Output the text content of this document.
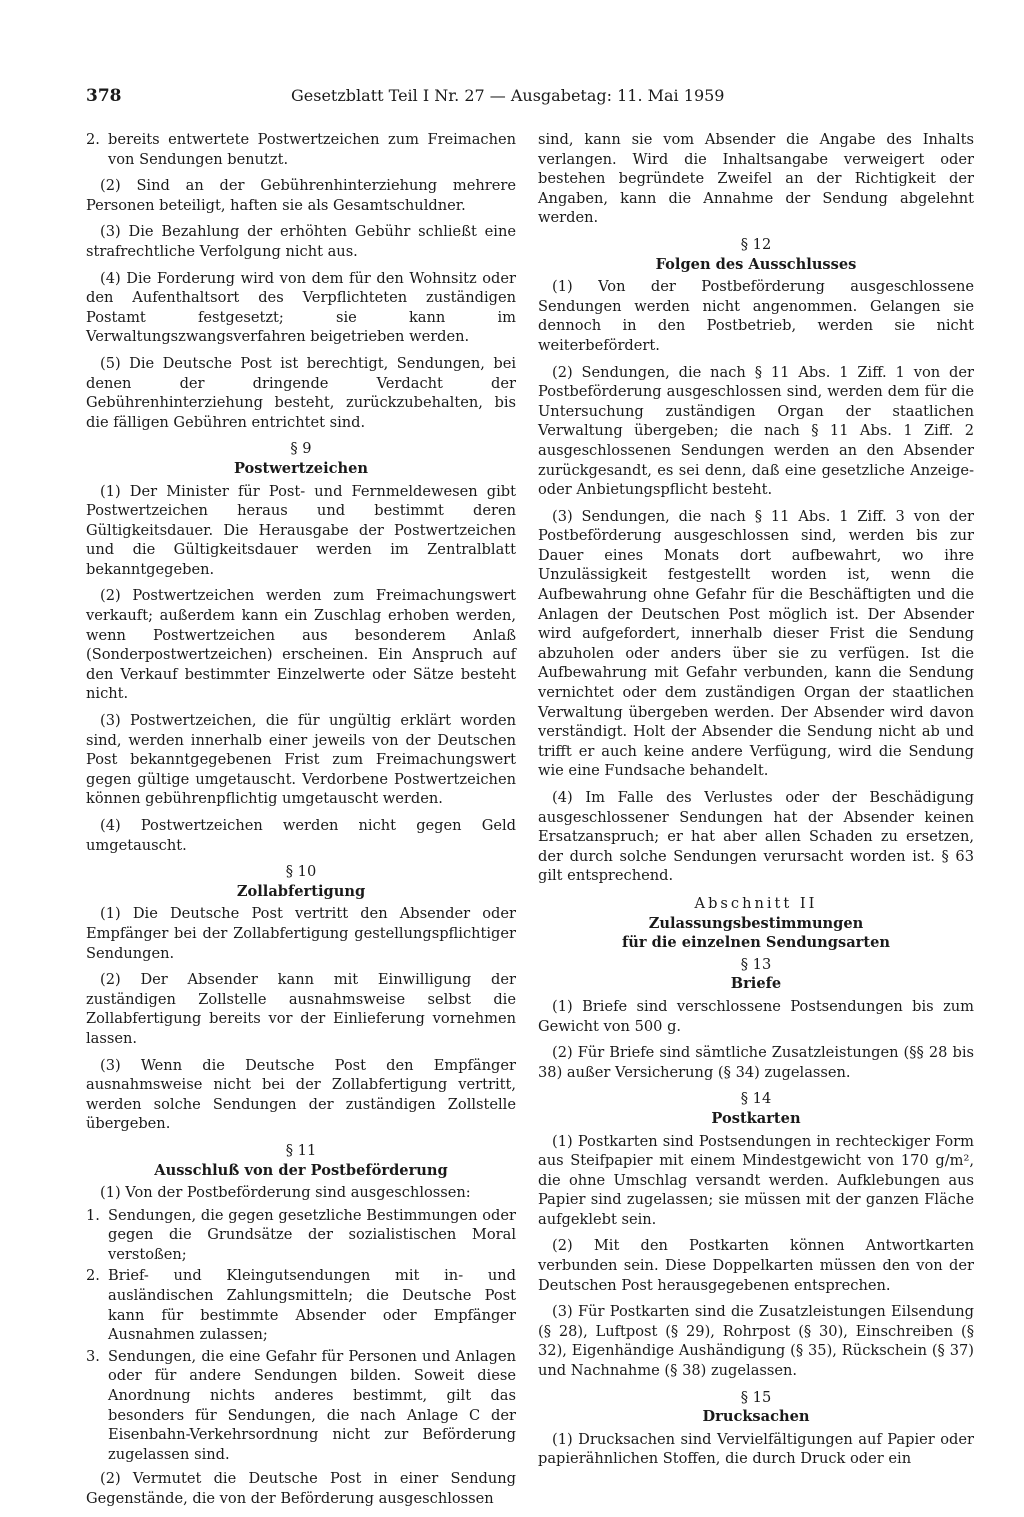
378	Gesetzblatt Teil I Nr. 27 — Ausgabetag: 11. Mai 1959
2. bereits entwertete Postwertzeichen zum Freimachen von Sendungen benutzt.

(2) Sind an der Gebührenhinterziehung mehrere Personen beteiligt, haften sie als Gesamtschuldner.

(3) Die Bezahlung der erhöhten Gebühr schließt eine strafrechtliche Verfolgung nicht aus.

(4) Die Forderung wird von dem für den Wohnsitz oder den Aufenthaltsort des Verpflichteten zuständigen Postamt festgesetzt; sie kann im Verwaltungszwangsverfahren beigetrieben werden.

(5) Die Deutsche Post ist berechtigt, Sendungen, bei denen der dringende Verdacht der Gebührenhinterziehung besteht, zurückzubehalten, bis die fälligen Gebühren entrichtet sind.

§ 9
Postwertzeichen

(1) Der Minister für Post- und Fernmeldewesen gibt Postwertzeichen heraus und bestimmt deren Gültigkeitsdauer. Die Herausgabe der Postwertzeichen und die Gültigkeitsdauer werden im Zentralblatt bekanntgegeben.

(2) Postwertzeichen werden zum Freimachungswert verkauft; außerdem kann ein Zuschlag erhoben werden, wenn Postwertzeichen aus besonderem Anlaß (Sonderpostwertzeichen) erscheinen. Ein Anspruch auf den Verkauf bestimmter Einzelwerte oder Sätze besteht nicht.

(3) Postwertzeichen, die für ungültig erklärt worden sind, werden innerhalb einer jeweils von der Deutschen Post bekanntgegebenen Frist zum Freimachungswert gegen gültige umgetauscht. Verdorbene Postwertzeichen können gebührenpflichtig umgetauscht werden.

(4) Postwertzeichen werden nicht gegen Geld umgetauscht.

§ 10
Zollabfertigung

(1) Die Deutsche Post vertritt den Absender oder Empfänger bei der Zollabfertigung gestellungspflichtiger Sendungen.

(2) Der Absender kann mit Einwilligung der zuständigen Zollstelle ausnahmsweise selbst die Zollabfertigung bereits vor der Einlieferung vornehmen lassen.

(3) Wenn die Deutsche Post den Empfänger ausnahmsweise nicht bei der Zollabfertigung vertritt, werden solche Sendungen der zuständigen Zollstelle übergeben.

§ 11
Ausschluß von der Postbeförderung

(1) Von der Postbeförderung sind ausgeschlossen:

1. Sendungen, die gegen gesetzliche Bestimmungen oder gegen die Grundsätze der sozialistischen Moral verstoßen;
2. Brief- und Kleingutsendungen mit in- und ausländischen Zahlungsmitteln; die Deutsche Post kann für bestimmte Absender oder Empfänger Ausnahmen zulassen;
3. Sendungen, die eine Gefahr für Personen und Anlagen oder für andere Sendungen bilden. Soweit diese Anordnung nichts anderes bestimmt, gilt das besonders für Sendungen, die nach Anlage C der Eisenbahn-Verkehrsordnung nicht zur Beförderung zugelassen sind.

(2) Vermutet die Deutsche Post in einer Sendung Gegenstände, die von der Beförderung ausgeschlossen

sind, kann sie vom Absender die Angabe des Inhalts verlangen. Wird die Inhaltsangabe verweigert oder bestehen begründete Zweifel an der Richtigkeit der Angaben, kann die Annahme der Sendung abgelehnt werden.

§ 12
Folgen des Ausschlusses

(1) Von der Postbeförderung ausgeschlossene Sendungen werden nicht angenommen. Gelangen sie dennoch in den Postbetrieb, werden sie nicht weiterbefördert.

(2) Sendungen, die nach § 11 Abs. 1 Ziff. 1 von der Postbeförderung ausgeschlossen sind, werden dem für die Untersuchung zuständigen Organ der staatlichen Verwaltung übergeben; die nach § 11 Abs. 1 Ziff. 2 ausgeschlossenen Sendungen werden an den Absender zurückgesandt, es sei denn, daß eine gesetzliche Anzeige- oder Anbietungspflicht besteht.

(3) Sendungen, die nach § 11 Abs. 1 Ziff. 3 von der Postbeförderung ausgeschlossen sind, werden bis zur Dauer eines Monats dort aufbewahrt, wo ihre Unzulässigkeit festgestellt worden ist, wenn die Aufbewahrung ohne Gefahr für die Beschäftigten und die Anlagen der Deutschen Post möglich ist. Der Absender wird aufgefordert, innerhalb dieser Frist die Sendung abzuholen oder anders über sie zu verfügen. Ist die Aufbewahrung mit Gefahr verbunden, kann die Sendung vernichtet oder dem zuständigen Organ der staatlichen Verwaltung übergeben werden. Der Absender wird davon verständigt. Holt der Absender die Sendung nicht ab und trifft er auch keine andere Verfügung, wird die Sendung wie eine Fundsache behandelt.

(4) Im Falle des Verlustes oder der Beschädigung ausgeschlossener Sendungen hat der Absender keinen Ersatzanspruch; er hat aber allen Schaden zu ersetzen, der durch solche Sendungen verursacht worden ist. § 63 gilt entsprechend.

Abschnitt II
Zulassungsbestimmungen
für die einzelnen Sendungsarten
§ 13
Briefe

(1) Briefe sind verschlossene Postsendungen bis zum Gewicht von 500 g.

(2) Für Briefe sind sämtliche Zusatzleistungen (§§ 28 bis 38) außer Versicherung (§ 34) zugelassen.

§ 14
Postkarten

(1) Postkarten sind Postsendungen in rechteckiger Form aus Steifpapier mit einem Mindestgewicht von 170 g/m², die ohne Umschlag versandt werden. Aufklebungen aus Papier sind zugelassen; sie müssen mit der ganzen Fläche aufgeklebt sein.

(2) Mit den Postkarten können Antwortkarten verbunden sein. Diese Doppelkarten müssen den von der Deutschen Post herausgegebenen entsprechen.

(3) Für Postkarten sind die Zusatzleistungen Eilsendung (§ 28), Luftpost (§ 29), Rohrpost (§ 30), Einschreiben (§ 32), Eigenhändige Aushändigung (§ 35), Rückschein (§ 37) und Nachnahme (§ 38) zugelassen.

§ 15
Drucksachen

(1) Drucksachen sind Vervielfältigungen auf Papier oder papierähnlichen Stoffen, die durch Druck oder ein
